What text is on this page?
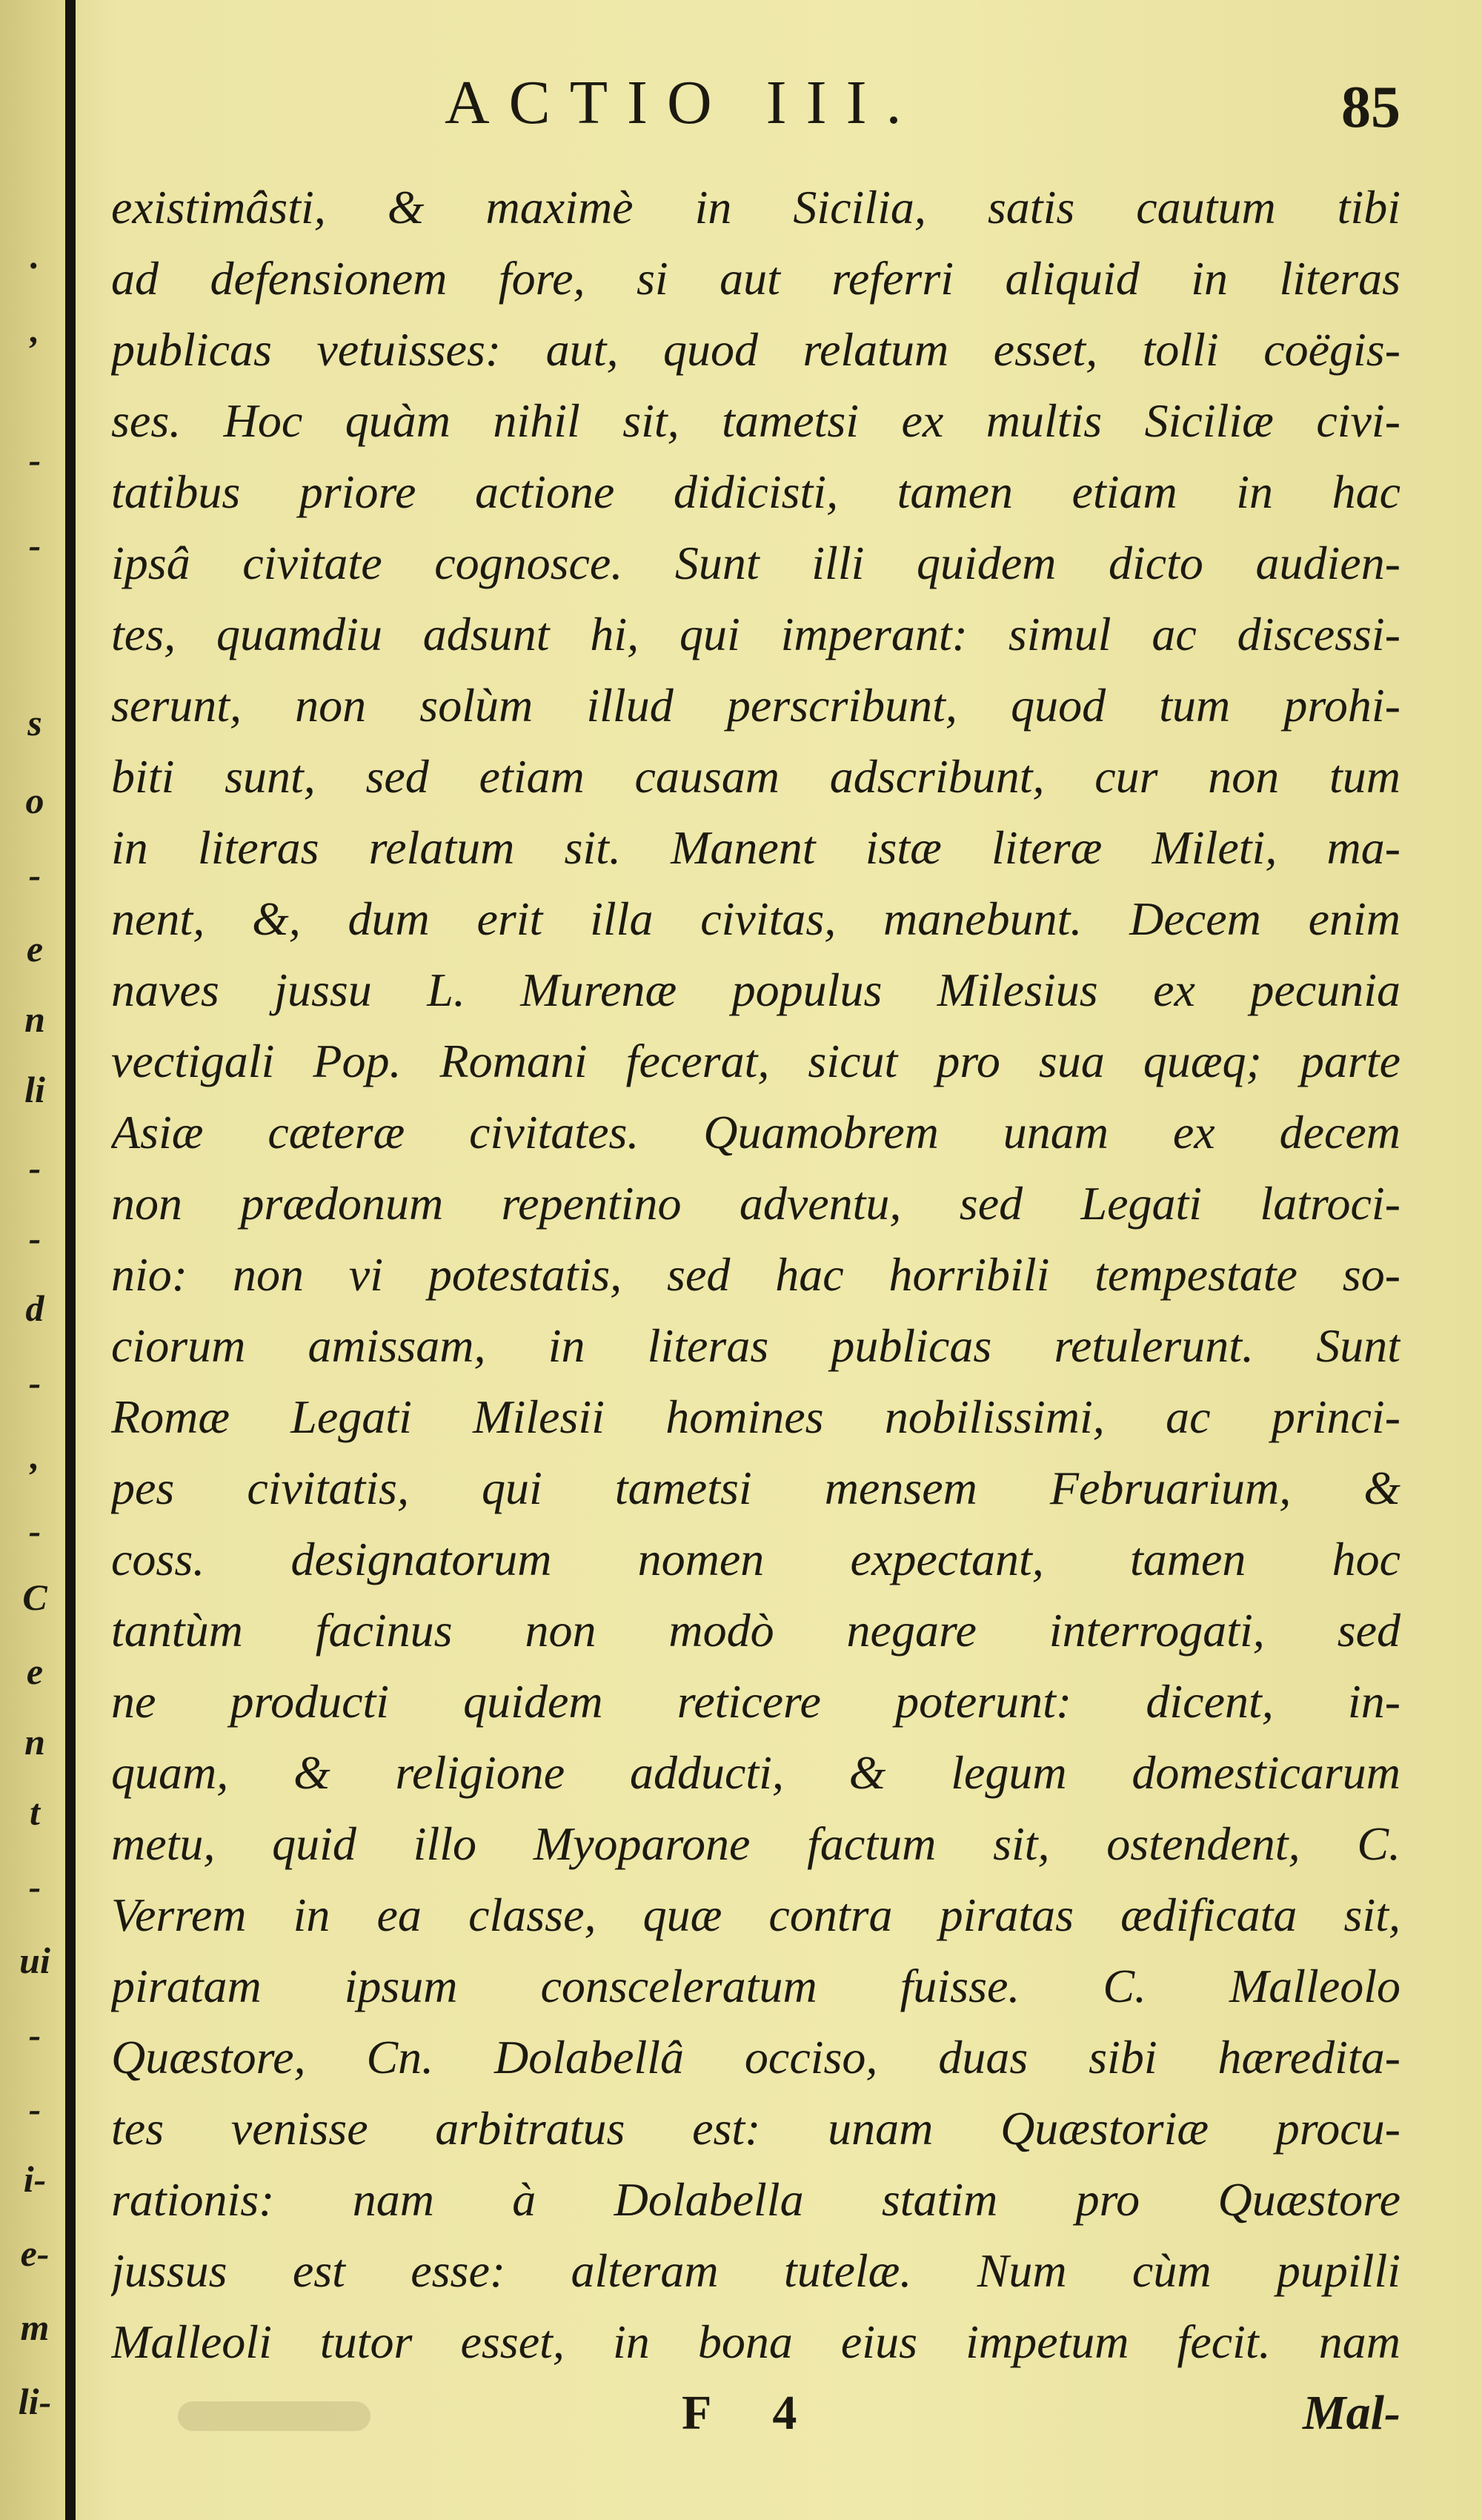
.
,
-
-
s
o
-
e
n
li
-
-
d
-
,
-
C
e
n
t
-
ui
-
-
i-
e-
m
li-
ACTIO III.	85
existimâsti, & maximè in Sicilia, satis cautum tibi
ad defensionem fore, si aut referri aliquid in literas
publicas vetuisses: aut, quod relatum esset, tolli coëgis-
ses. Hoc quàm nihil sit, tametsi ex multis Siciliæ civi-
tatibus priore actione didicisti, tamen etiam in hac
ipsâ civitate cognosce. Sunt illi quidem dicto audien-
tes, quamdiu adsunt hi, qui imperant: simul ac discessi-
serunt, non solùm illud perscribunt, quod tum prohi-
biti sunt, sed etiam causam adscribunt, cur non tum
in literas relatum sit. Manent istæ literæ Mileti, ma-
nent, &, dum erit illa civitas, manebunt. Decem enim
naves jussu L. Murenæ populus Milesius ex pecunia
vectigali Pop. Romani fecerat, sicut pro sua quæq; parte
Asiæ cæteræ civitates. Quamobrem unam ex decem
non prædonum repentino adventu, sed Legati latroci-
nio: non vi potestatis, sed hac horribili tempestate so-
ciorum amissam, in literas publicas retulerunt. Sunt
Romæ Legati Milesii homines nobilissimi, ac princi-
pes civitatis, qui tametsi mensem Februarium, &
coss. designatorum nomen expectant, tamen hoc
tantùm facinus non modò negare interrogati, sed
ne producti quidem reticere poterunt: dicent, in-
quam, & religione adducti, & legum domesticarum
metu, quid illo Myoparone factum sit, ostendent, C.
Verrem in ea classe, quæ contra piratas ædificata sit,
piratam ipsum consceleratum fuisse. C. Malleolo
Quæstore, Cn. Dolabellâ occiso, duas sibi hæredita-
tes venisse arbitratus est: unam Quæstoriæ procu-
rationis: nam à Dolabella statim pro Quæstore
jussus est esse: alteram tutelæ. Num cùm pupilli
Malleoli tutor esset, in bona eius impetum fecit. nam
F 4	Mal-
